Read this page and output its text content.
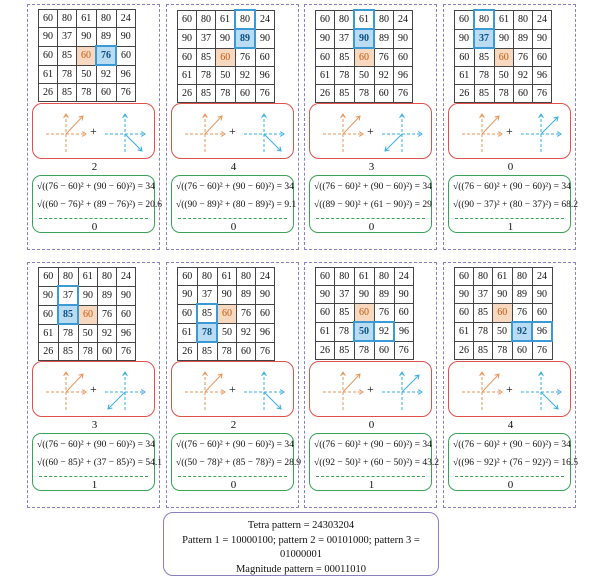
60	80	61	80	24
90	37	90	89	90
60	85	60	76	60
61	78	50	92	96
26	85	78	60	76
+
2
√((76 − 60)² + (90 − 60)²) = 34
√((60 − 76)² + (89 − 76)²) = 20.6
0
60	80	61	80	24
90	37	90	89	90
60	85	60	76	60
61	78	50	92	96
26	85	78	60	76
+
4
√((76 − 60)² + (90 − 60)²) = 34
√((90 − 89)² + (80 − 89)²) = 9.1
0
60	80	61	80	24
90	37	90	89	90
60	85	60	76	60
61	78	50	92	96
26	85	78	60	76
+
3
√((76 − 60)² + (90 − 60)²) = 34
√((89 − 90)² + (61 − 90)²) = 29
0
60	80	61	80	24
90	37	90	89	90
60	85	60	76	60
61	78	50	92	96
26	85	78	60	76
+
0
√((76 − 60)² + (90 − 60)²) = 34
√((90 − 37)² + (80 − 37)²) = 68.2
1
60	80	61	80	24
90	37	90	89	90
60	85	60	76	60
61	78	50	92	96
26	85	78	60	76
+
3
√((76 − 60)² + (90 − 60)²) = 34
√((60 − 85)² + (37 − 85)²) = 54.1
1
60	80	61	80	24
90	37	90	89	90
60	85	60	76	60
61	78	50	92	96
26	85	78	60	76
+
2
√((76 − 60)² + (90 − 60)²) = 34
√((50 − 78)² + (85 − 78)²) = 28.9
0
60	80	61	80	24
90	37	90	89	90
60	85	60	76	60
61	78	50	92	96
26	85	78	60	76
+
0
√((76 − 60)² + (90 − 60)²) = 34
√((92 − 50)² + (60 − 50)²) = 43.2
1
60	80	61	80	24
90	37	90	89	90
60	85	60	76	60
61	78	50	92	96
26	85	78	60	76
+
4
√((76 − 60)² + (90 − 60)²) = 34
√((96 − 92)² + (76 − 92)²) = 16.5
0
Tetra pattern = 24303204
Pattern 1 = 10000100; pattern 2 = 00101000; pattern 3 = 01000001
Magnitude pattern = 00011010
